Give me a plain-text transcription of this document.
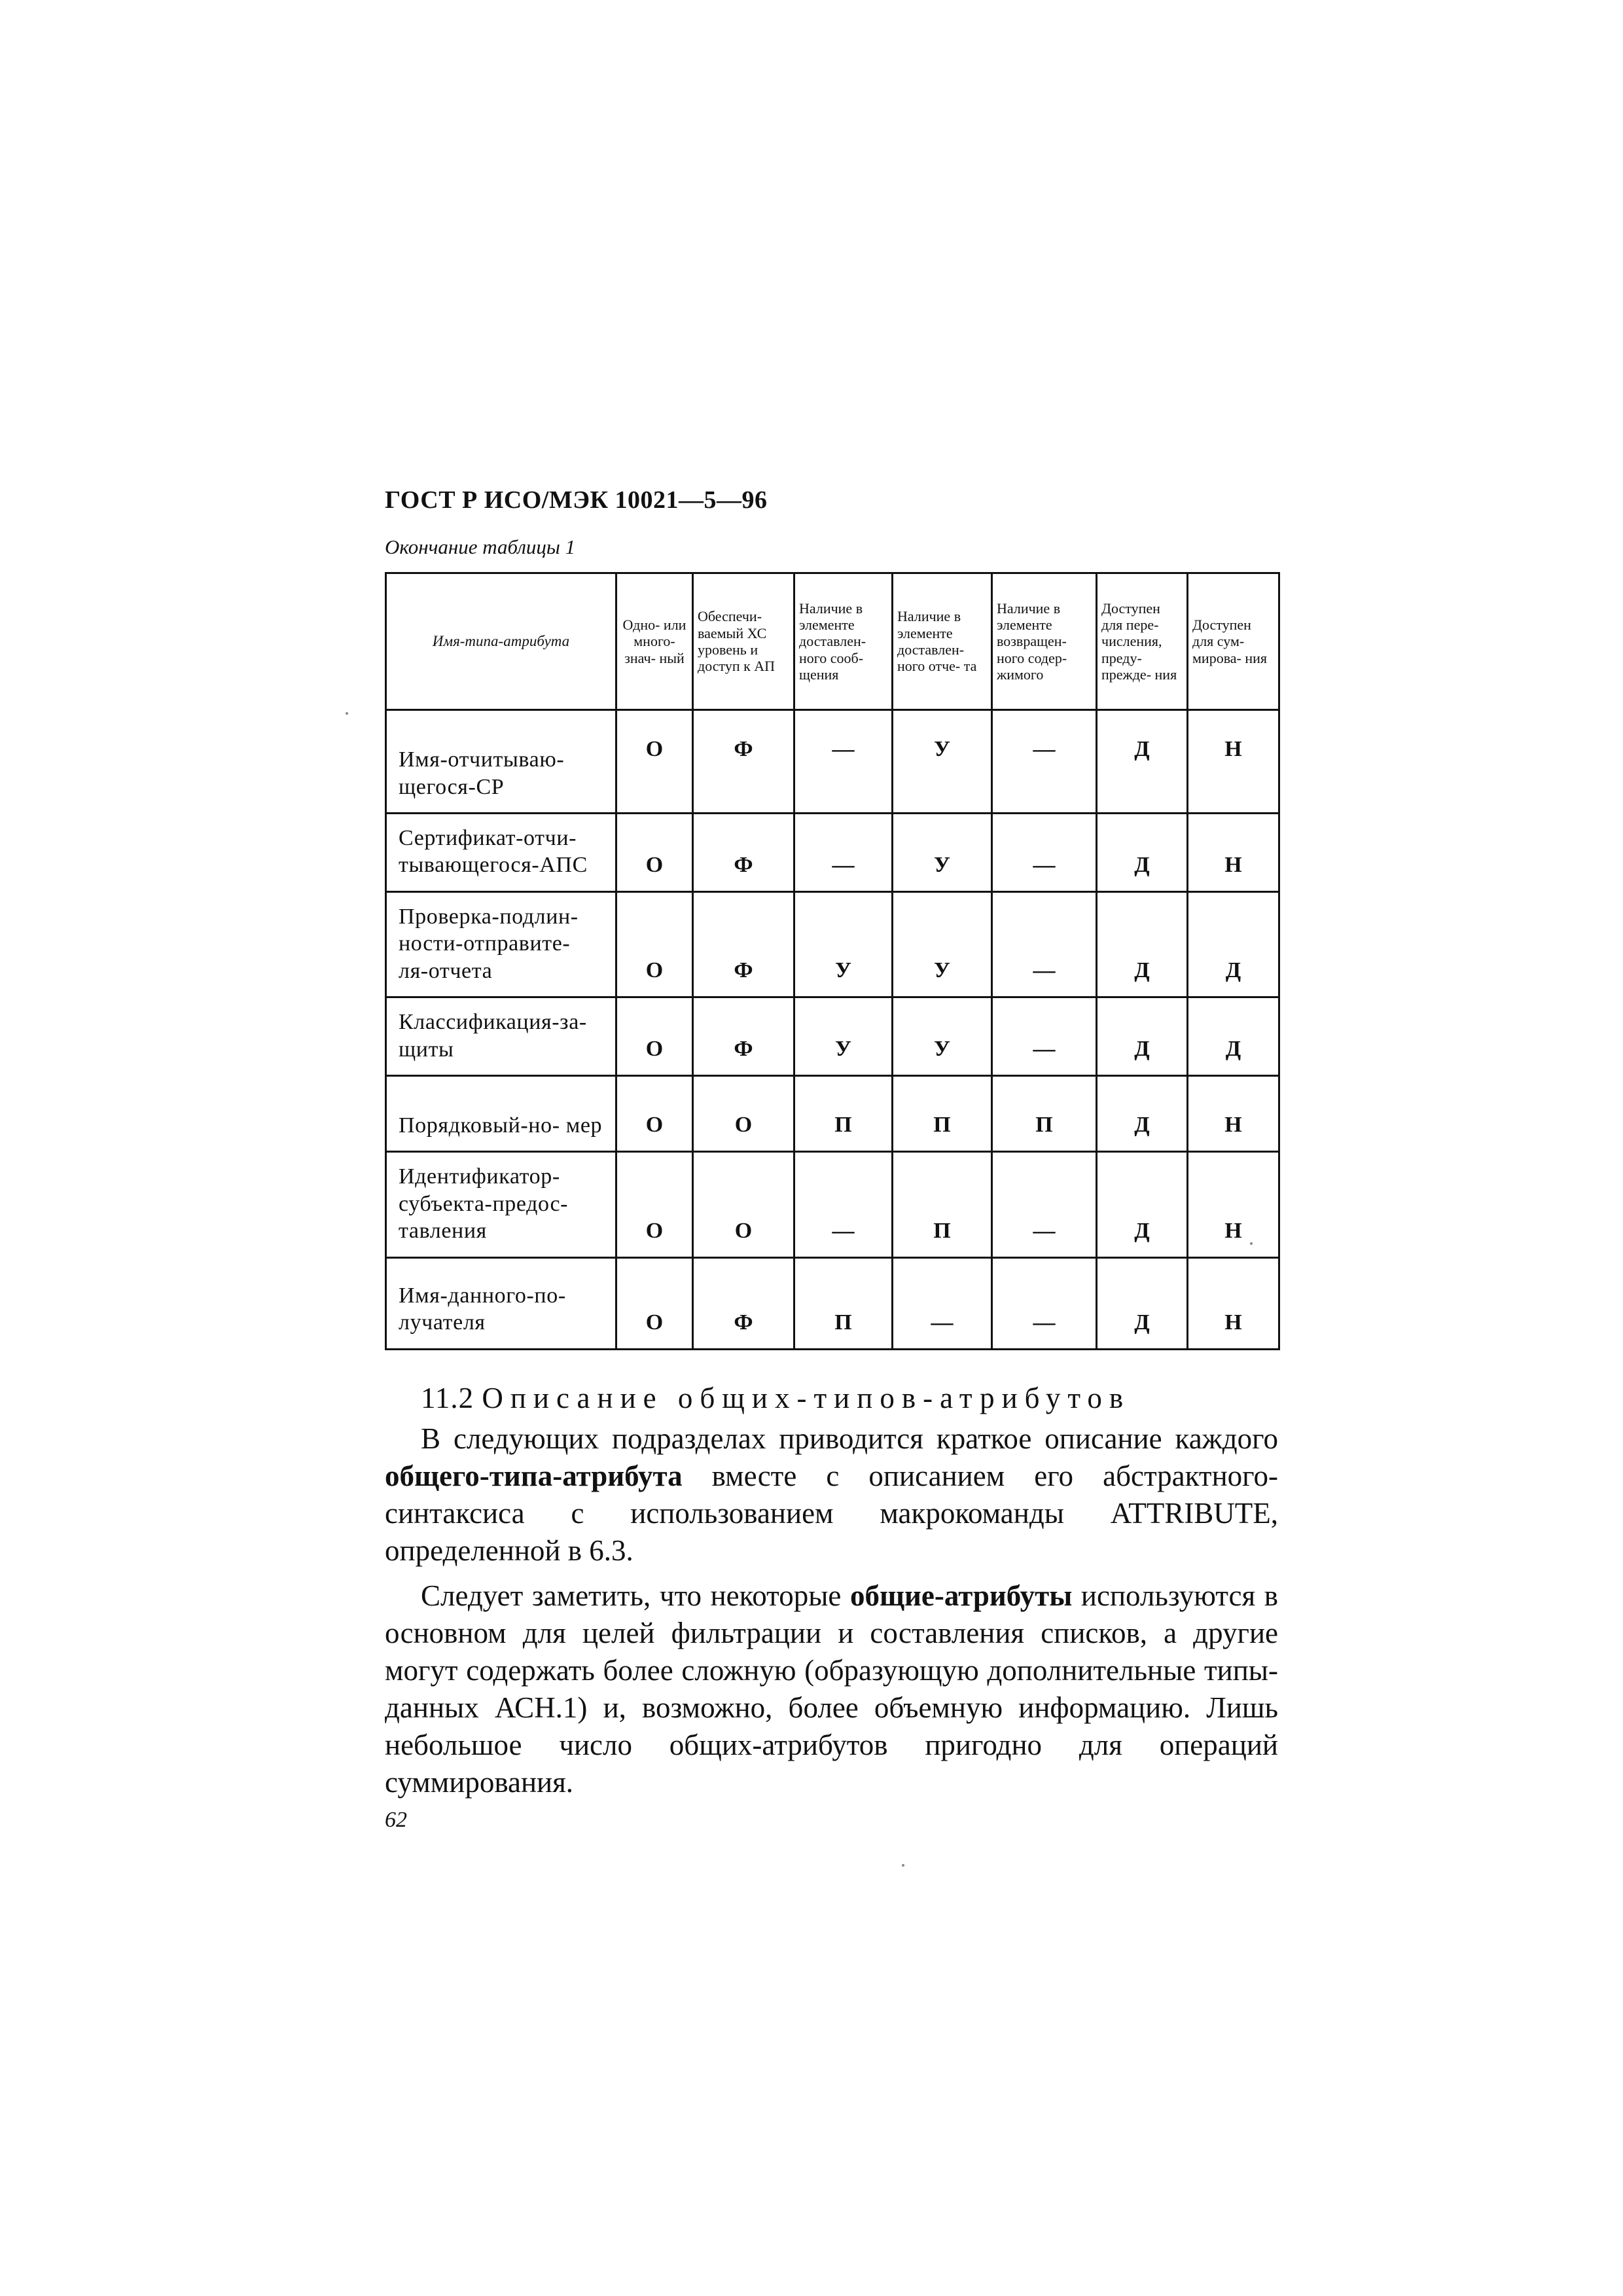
ГОСТ Р ИСО/МЭК 10021—5—96
Окончание таблицы 1
Имя-типа-атрибута	Одно- или много- знач- ный	Обеспечи- ваемый ХС уровень и доступ к АП	Наличие в элементе доставлен- ного сооб- щения	Наличие в элементе доставлен- ного отче- та	Наличие в элементе возвращен- ного содер- жимого	Доступен для пере- числения, преду- прежде- ния	Доступен для сум- мирова- ния

Имя-отчитываю- щегося-СР	О	Ф	—	У	—	Д	Н
Сертификат-отчи- тывающегося-АПС	О	Ф	—	У	—	Д	Н
Проверка-подлин- ности-отправите- ля-отчета	О	Ф	У	У	—	Д	Д
Классификация-за- щиты	О	Ф	У	У	—	Д	Д
Порядковый-но- мер	О	О	П	П	П	Д	Н
Идентификатор- субъекта-предос- тавления	О	О	—	П	—	Д	Н
Имя-данного-по- лучателя	О	Ф	П	—	—	Д	Н
11.2 Описание общих-типов-атрибутов

В следующих подразделах приводится краткое описание каждого общего-типа-атрибута вместе с описанием его абстрактного-синтаксиса с использованием макрокоманды ATTRIBUTE, определенной в 6.3.

Следует заметить, что некоторые общие-атрибуты используются в основном для целей фильтрации и составления списков, а другие могут содержать более сложную (образующую дополнительные типы-данных АСН.1) и, возможно, более объемную информацию. Лишь небольшое число общих-атрибутов пригодно для операций суммирования.

62
